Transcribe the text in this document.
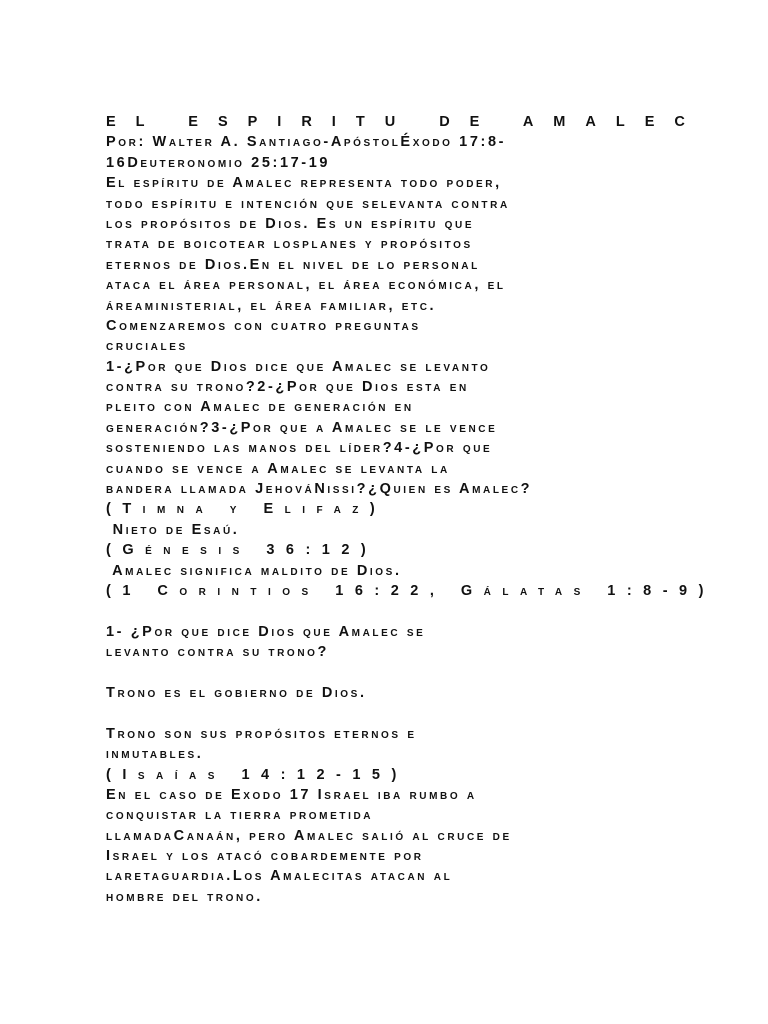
EL ESPIRITU DE AMALEC
Por: Walter A. Santiago-ApóstolÉxodo 17:8-
16Deuteronomio 25:17-19
El espíritu de Amalec representa todo poder,
todo espíritu e intención que selevanta contra
los propósitos de Dios. Es un espíritu que
trata de boicotear losplanes y propósitos
eternos de Dios.En el nivel de lo personal
ataca el área personal, el área económica, el
áreaministerial, el área familiar, etc.
Comenzaremos con cuatro preguntas
cruciales
1-¿Por que Dios dice que Amalec se levanto
contra su trono?2-¿Por que Dios esta en
pleito con Amalec de generación en
generación?3-¿Por que a Amalec se le vence
sosteniendo las manos del líder?4-¿Por que
cuando se vence a Amalec se levanta la
bandera llamada JehováNissi?¿Quien es Amalec?
(Timna y Elifaz)
Nieto de Esaú.
(Génesis 36:12)
Amalec significa maldito de Dios.
(1 Corintios 16:22, Gálatas 1:8-9)
1- ¿Por que dice Dios que Amalec se
levanto contra su trono?
Trono es el gobierno de Dios.
Trono son sus propósitos eternos e
inmutables.
(Isaías 14:12-15)
En el caso de Exodo 17 Israel iba rumbo a
conquistar la tierra prometida
llamadaCanaán, pero Amalec salió al cruce de
Israel y los atacó cobardemente por
laretaguardia.Los Amalecitas atacan al
hombre del trono.
